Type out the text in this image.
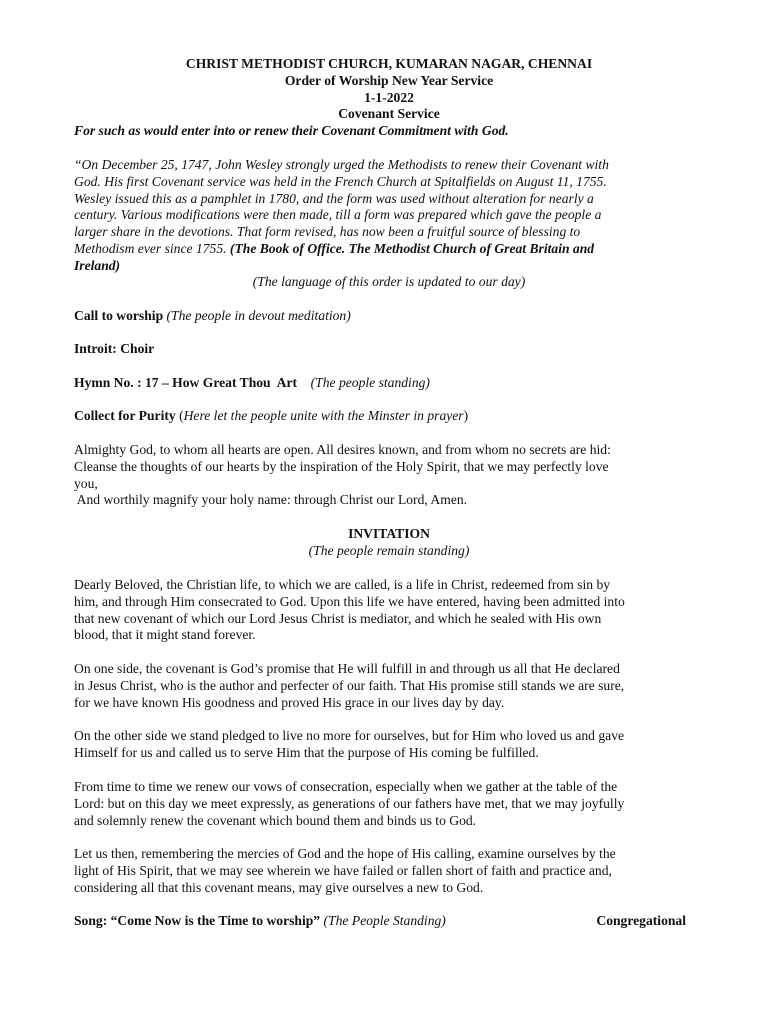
CHRIST METHODIST CHURCH, KUMARAN NAGAR, CHENNAI
Order of Worship New Year Service
1-1-2022
Covenant Service
For such as would enter into or renew their Covenant Commitment with God.

“On December 25, 1747, John Wesley strongly urged the Methodists to renew their Covenant with

God. His first Covenant service was held in the French Church at Spitalfields on August 11, 1755.

Wesley issued this as a pamphlet in 1780, and the form was used without alteration for nearly a

century. Various modifications were then made, till a form was prepared which gave the people a

larger share in the devotions. That form revised, has now been a fruitful source of blessing to

Methodism ever since 1755. (The Book of Office. The Methodist Church of Great Britain and

Ireland)

(The language of this order is updated to our day)
Call to worship (The people in devout meditation)
Introit: Choir
Hymn No. : 17 – How Great Thou  Art (The people standing)
Collect for Purity (Here let the people unite with the Minster in prayer)

Almighty God, to whom all hearts are open. All desires known, and from whom no secrets are hid:

Cleanse the thoughts of our hearts by the inspiration of the Holy Spirit, that we may perfectly love

you,

And worthily magnify your holy name: through Christ our Lord, Amen.

INVITATION
(The people remain standing)

Dearly Beloved, the Christian life, to which we are called, is a life in Christ, redeemed from sin by

him, and through Him consecrated to God. Upon this life we have entered, having been admitted into

that new covenant of which our Lord Jesus Christ is mediator, and which he sealed with His own

blood, that it might stand forever.

On one side, the covenant is God’s promise that He will fulfill in and through us all that He declared

in Jesus Christ, who is the author and perfecter of our faith. That His promise still stands we are sure,

for we have known His goodness and proved His grace in our lives day by day.

On the other side we stand pledged to live no more for ourselves, but for Him who loved us and gave

Himself for us and called us to serve Him that the purpose of His coming be fulfilled.

From time to time we renew our vows of consecration, especially when we gather at the table of the

Lord: but on this day we meet expressly, as generations of our fathers have met, that we may joyfully

and solemnly renew the covenant which bound them and binds us to God.

Let us then, remembering the mercies of God and the hope of His calling, examine ourselves by the

light of His Spirit, that we may see wherein we have failed or fallen short of faith and practice and,

considering all that this covenant means, may give ourselves a new to God.

Song: “Come Now is the Time to worship” (The People Standing)	Congregational
